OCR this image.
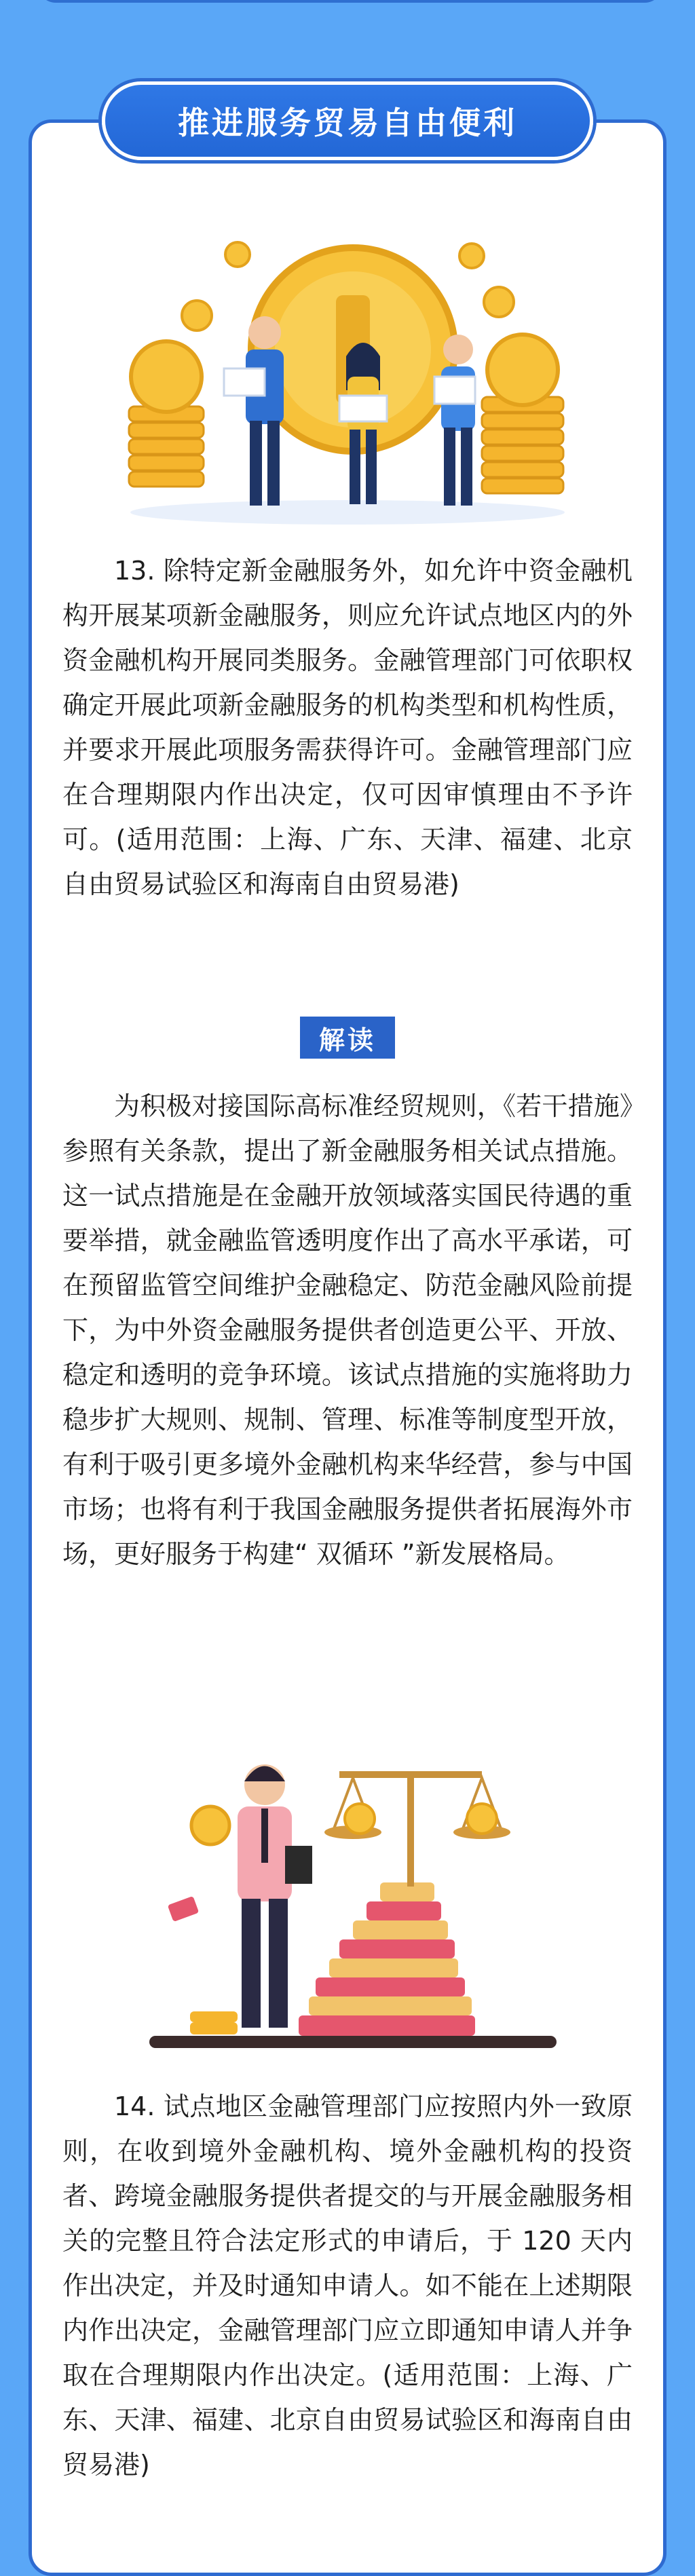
推进服务贸易自由便利

13. 除特定新金融服务外，如允许中资金融机构开展某项新金融服务，则应允许试点地区内的外资金融机构开展同类服务。金融管理部门可依职权确定开展此项新金融服务的机构类型和机构性质，并要求开展此项服务需获得许可。金融管理部门应在合理期限内作出决定，仅可因审慎理由不予许可。(适用范围：上海、广东、天津、福建、北京自由贸易试验区和海南自由贸易港)

解读

为积极对接国际高标准经贸规则，《若干措施》参照有关条款，提出了新金融服务相关试点措施。这一试点措施是在金融开放领域落实国民待遇的重要举措，就金融监管透明度作出了高水平承诺，可在预留监管空间维护金融稳定、防范金融风险前提下，为中外资金融服务提供者创造更公平、开放、稳定和透明的竞争环境。该试点措施的实施将助力稳步扩大规则、规制、管理、标准等制度型开放，有利于吸引更多境外金融机构来华经营，参与中国市场；也将有利于我国金融服务提供者拓展海外市场，更好服务于构建“ 双循环 ”新发展格局。

14. 试点地区金融管理部门应按照内外一致原则，在收到境外金融机构、境外金融机构的投资者、跨境金融服务提供者提交的与开展金融服务相关的完整且符合法定形式的申请后，于 120 天内作出决定，并及时通知申请人。如不能在上述期限内作出决定，金融管理部门应立即通知申请人并争取在合理期限内作出决定。(适用范围：上海、广东、天津、福建、北京自由贸易试验区和海南自由贸易港)
